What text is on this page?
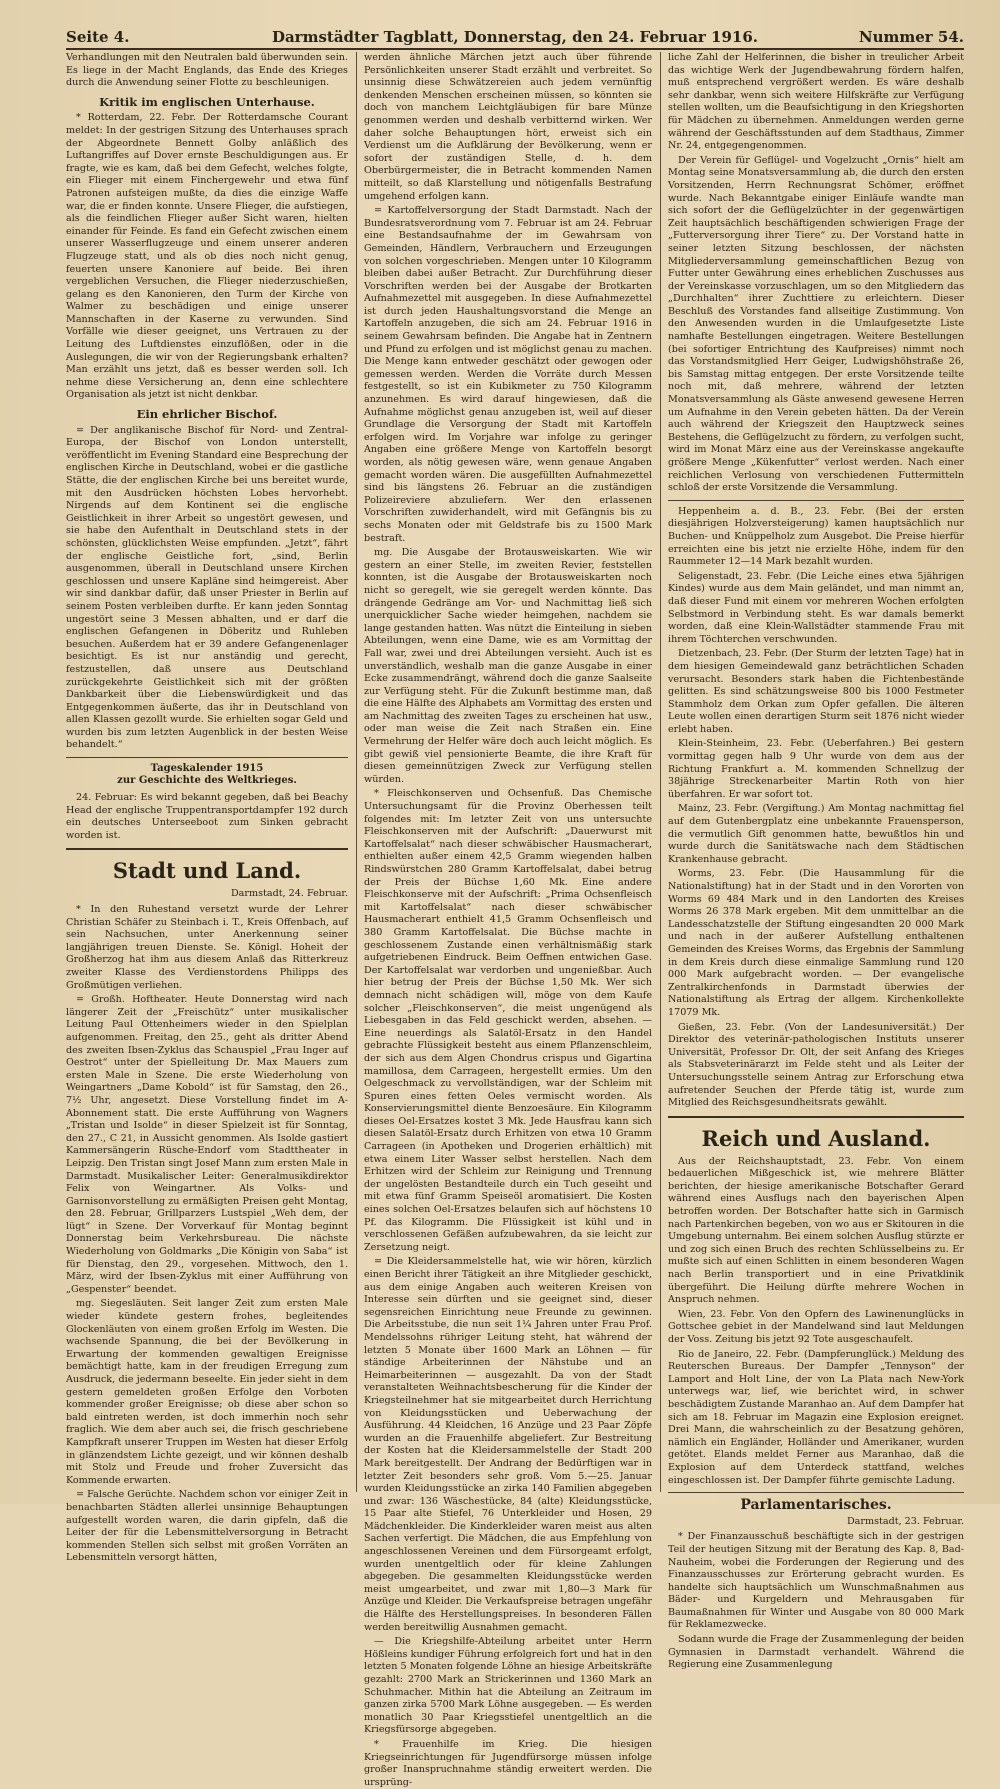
Seite 4.	Darmstädter Tagblatt, Donnerstag, den 24. Februar 1916.	Nummer 54.

Verhandlungen mit den Neutralen bald überwunden sein. Es liege in der Macht Englands, das Ende des Krieges durch die Anwendung seiner Flotte zu beschleunigen.

Kritik im englischen Unterhause.

* Rotterdam, 22. Febr. Der Rotterdamsche Courant meldet: In der gestrigen Sitzung des Unterhauses sprach der Abgeordnete Bennett Golby anläßlich des Luftangriffes auf Dover ernste Beschuldigungen aus. Er fragte, wie es kam, daß bei dem Gefecht, welches folgte, ein Flieger mit einem Finchergewehr und etwa fünf Patronen aufsteigen mußte, da dies die einzige Waffe war, die er finden konnte. Unsere Flieger, die aufstiegen, als die feindlichen Flieger außer Sicht waren, hielten einander für Feinde. Es fand ein Gefecht zwischen einem unserer Wasserflugzeuge und einem unserer anderen Flugzeuge statt, und als ob dies noch nicht genug, feuerten unsere Kanoniere auf beide. Bei ihren vergeblichen Versuchen, die Flieger niederzuschießen, gelang es den Kanonieren, den Turm der Kirche von Walmer zu beschädigen und einige unserer Mannschaften in der Kaserne zu verwunden. Sind Vorfälle wie dieser geeignet, uns Vertrauen zu der Leitung des Luftdienstes einzuflößen, oder in die Auslegungen, die wir von der Regierungsbank erhalten? Man erzählt uns jetzt, daß es besser werden soll. Ich nehme diese Versicherung an, denn eine schlechtere Organisation als jetzt ist nicht denkbar.

Ein ehrlicher Bischof.

= Der anglikanische Bischof für Nord- und Zentral-Europa, der Bischof von London unterstellt, veröffentlicht im Evening Standard eine Besprechung der englischen Kirche in Deutschland, wobei er die gastliche Stätte, die der englischen Kirche bei uns bereitet wurde, mit den Ausdrücken höchsten Lobes hervorhebt. Nirgends auf dem Kontinent sei die englische Geistlichkeit in ihrer Arbeit so ungestört gewesen, und sie habe den Aufenthalt in Deutschland stets in der schönsten, glücklichsten Weise empfunden. „Jetzt“, fährt der englische Geistliche fort, „sind, Berlin ausgenommen, überall in Deutschland unsere Kirchen geschlossen und unsere Kapläne sind heimgereist. Aber wir sind dankbar dafür, daß unser Priester in Berlin auf seinem Posten verbleiben durfte. Er kann jeden Sonntag ungestört seine 3 Messen abhalten, und er darf die englischen Gefangenen in Döberitz und Ruhleben besuchen. Außerdem hat er 39 andere Gefangenenlager besichtigt. Es ist nur anständig und gerecht, festzustellen, daß unsere aus Deutschland zurückgekehrte Geistlichkeit sich mit der größten Dankbarkeit über die Liebenswürdigkeit und das Entgegenkommen äußerte, das ihr in Deutschland von allen Klassen gezollt wurde. Sie erhielten sogar Geld und wurden bis zum letzten Augenblick in der besten Weise behandelt.“

Tageskalender 1915
zur Geschichte des Weltkrieges.

24. Februar: Es wird bekannt gegeben, daß bei Beachy Head der englische Truppentransportdampfer 192 durch ein deutsches Unterseeboot zum Sinken gebracht worden ist.

Stadt und Land.

Darmstadt, 24. Februar.

* In den Ruhestand versetzt wurde der Lehrer Christian Schäfer zu Steinbach i. T., Kreis Offenbach, auf sein Nachsuchen, unter Anerkennung seiner langjährigen treuen Dienste. Se. Königl. Hoheit der Großherzog hat ihm aus diesem Anlaß das Ritterkreuz zweiter Klasse des Verdienstordens Philipps des Großmütigen verliehen.

= Großh. Hoftheater. Heute Donnerstag wird nach längerer Zeit der „Freischütz“ unter musikalischer Leitung Paul Ottenheimers wieder in den Spielplan aufgenommen. Freitag, den 25., geht als dritter Abend des zweiten Ibsen-Zyklus das Schauspiel „Frau Inger auf Oestrot“ unter der Spielleitung Dr. Max Mauers zum ersten Male in Szene. Die erste Wiederholung von Weingartners „Dame Kobold“ ist für Samstag, den 26., 7½ Uhr, angesetzt. Diese Vorstellung findet im A-Abonnement statt. Die erste Aufführung von Wagners „Tristan und Isolde“ in dieser Spielzeit ist für Sonntag, den 27., C 21, in Aussicht genommen. Als Isolde gastiert Kammersängerin Rüsche-Endorf vom Stadttheater in Leipzig. Den Tristan singt Josef Mann zum ersten Male in Darmstadt. Musikalischer Leiter: Generalmusikdirektor Felix von Weingartner. Als Volks- und Garnisonvorstellung zu ermäßigten Preisen geht Montag, den 28. Februar, Grillparzers Lustspiel „Weh dem, der lügt“ in Szene. Der Vorverkauf für Montag beginnt Donnerstag beim Verkehrsbureau. Die nächste Wiederholung von Goldmarks „Die Königin von Saba“ ist für Dienstag, den 29., vorgesehen. Mittwoch, den 1. März, wird der Ibsen-Zyklus mit einer Aufführung von „Gespenster“ beendet.

mg. Siegesläuten. Seit langer Zeit zum ersten Male wieder kündete gestern frohes, begleitendes Glockenläuten von einem großen Erfolg im Westen. Die wachsende Spannung, die bei der Bevölkerung in Erwartung der kommenden gewaltigen Ereignisse bemächtigt hatte, kam in der freudigen Erregung zum Ausdruck, die jedermann beseelte. Ein jeder sieht in dem gestern gemeldeten großen Erfolge den Vorboten kommender großer Ereignisse; ob diese aber schon so bald eintreten werden, ist doch immerhin noch sehr fraglich. Wie dem aber auch sei, die frisch geschriebene Kampfkraft unserer Truppen im Westen hat dieser Erfolg in glänzendstem Lichte gezeigt, und wir können deshalb mit Stolz und Freude und froher Zuversicht das Kommende erwarten.

= Falsche Gerüchte. Nachdem schon vor einiger Zeit in benachbarten Städten allerlei unsinnige Behauptungen aufgestellt worden waren, die darin gipfeln, daß die Leiter der für die Lebensmittelversorgung in Betracht kommenden Stellen sich selbst mit großen Vorräten an Lebensmitteln versorgt hätten,

werden ähnliche Märchen jetzt auch über führende Persönlichkeiten unserer Stadt erzählt und verbreitet. So unsinnig diese Schwätzereien auch jedem vernünftig denkenden Menschen erscheinen müssen, so könnten sie doch von manchem Leichtgläubigen für bare Münze genommen werden und deshalb verbitternd wirken. Wer daher solche Behauptungen hört, erweist sich ein Verdienst um die Aufklärung der Bevölkerung, wenn er sofort der zuständigen Stelle, d. h. dem Oberbürgermeister, die in Betracht kommenden Namen mitteilt, so daß Klarstellung und nötigenfalls Bestrafung umgehend erfolgen kann.

= Kartoffelversorgung der Stadt Darmstadt. Nach der Bundesratsverordnung vom 7. Februar ist am 24. Februar eine Bestandsaufnahme der im Gewahrsam von Gemeinden, Händlern, Verbrauchern und Erzeugungen von solchen vorgeschrieben. Mengen unter 10 Kilogramm bleiben dabei außer Betracht. Zur Durchführung dieser Vorschriften werden bei der Ausgabe der Brotkarten Aufnahmezettel mit ausgegeben. In diese Aufnahmezettel ist durch jeden Haushaltungsvorstand die Menge an Kartoffeln anzugeben, die sich am 24. Februar 1916 in seinem Gewahrsam befinden. Die Angabe hat in Zentnern und Pfund zu erfolgen und ist möglichst genau zu machen. Die Menge kann entweder geschätzt oder gewogen oder gemessen werden. Werden die Vorräte durch Messen festgestellt, so ist ein Kubikmeter zu 750 Kilogramm anzunehmen. Es wird darauf hingewiesen, daß die Aufnahme möglichst genau anzugeben ist, weil auf dieser Grundlage die Versorgung der Stadt mit Kartoffeln erfolgen wird. Im Vorjahre war infolge zu geringer Angaben eine größere Menge von Kartoffeln besorgt worden, als nötig gewesen wäre, wenn genaue Angaben gemacht worden wären. Die ausgefüllten Aufnahmezettel sind bis längstens 26. Februar an die zuständigen Polizeireviere abzuliefern. Wer den erlassenen Vorschriften zuwiderhandelt, wird mit Gefängnis bis zu sechs Monaten oder mit Geldstrafe bis zu 1500 Mark bestraft.

mg. Die Ausgabe der Brotausweiskarten. Wie wir gestern an einer Stelle, im zweiten Revier, feststellen konnten, ist die Ausgabe der Brotausweiskarten noch nicht so geregelt, wie sie geregelt werden könnte. Das drängende Gedränge am Vor- und Nachmittag ließ sich unerquicklicher Sache wieder heimgehen, nachdem sie lange gestanden hatten. Was nützt die Einteilung in sieben Abteilungen, wenn eine Dame, wie es am Vormittag der Fall war, zwei und drei Abteilungen versieht. Auch ist es unverständlich, weshalb man die ganze Ausgabe in einer Ecke zusammendrängt, während doch die ganze Saalseite zur Verfügung steht. Für die Zukunft bestimme man, daß die eine Hälfte des Alphabets am Vormittag des ersten und am Nachmittag des zweiten Tages zu erscheinen hat usw., oder man weise die Zeit nach Straßen ein. Eine Vermehrung der Helfer wäre doch auch leicht möglich. Es gibt gewiß viel pensionierte Beamte, die ihre Kraft für diesen gemeinnützigen Zweck zur Verfügung stellen würden.

* Fleischkonserven und Ochsenfuß. Das Chemische Untersuchungsamt für die Provinz Oberhessen teilt folgendes mit: Im letzter Zeit von uns untersuchte Fleischkonserven mit der Aufschrift: „Dauerwurst mit Kartoffelsalat“ nach dieser schwäbischer Hausmacherart, enthielten außer einem 42,5 Gramm wiegenden halben Rindswürstchen 280 Gramm Kartoffelsalat, dabei betrug der Preis der Büchse 1,60 Mk. Eine andere Fleischkonserve mit der Aufschrift: „Prima Ochsenfleisch mit Kartoffelsalat“ nach dieser schwäbischer Hausmacherart enthielt 41,5 Gramm Ochsenfleisch und 380 Gramm Kartoffelsalat. Die Büchse machte in geschlossenem Zustande einen verhältnismäßig stark aufgetriebenen Eindruck. Beim Oeffnen entwichen Gase. Der Kartoffelsalat war verdorben und ungenießbar. Auch hier betrug der Preis der Büchse 1,50 Mk. Wer sich demnach nicht schädigen will, möge von dem Kaufe solcher „Fleischkonserven“, die meist ungenügend als Liebesgaben in das Feld geschickt werden, absehen. — Eine neuerdings als Salatöl-Ersatz in den Handel gebrachte Flüssigkeit besteht aus einem Pflanzenschleim, der sich aus dem Algen Chondrus crispus und Gigartina mamillosa, dem Carrageen, hergestellt ermies. Um den Oelgeschmack zu vervollständigen, war der Schleim mit Spuren eines fetten Oeles vermischt worden. Als Konservierungsmittel diente Benzoesäure. Ein Kilogramm dieses Oel-Ersatzes kostet 3 Mk. Jede Hausfrau kann sich diesen Salatöl-Ersatz durch Erhitzen von etwa 10 Gramm Carrageen (in Apotheken und Drogerien erhältlich) mit etwa einem Liter Wasser selbst herstellen. Nach dem Erhitzen wird der Schleim zur Reinigung und Trennung der ungelösten Bestandteile durch ein Tuch geseiht und mit etwa fünf Gramm Speiseöl aromatisiert. Die Kosten eines solchen Oel-Ersatzes belaufen sich auf höchstens 10 Pf. das Kilogramm. Die Flüssigkeit ist kühl und in verschlossenen Gefäßen aufzubewahren, da sie leicht zur Zersetzung neigt.

= Die Kleidersammelstelle hat, wie wir hören, kürzlich einen Bericht ihrer Tätigkeit an ihre Mitglieder geschickt, aus dem einige Angaben auch weiteren Kreisen von Interesse sein dürften und sie geeignet sind, dieser segensreichen Einrichtung neue Freunde zu gewinnen. Die Arbeitsstube, die nun seit 1¼ Jahren unter Frau Prof. Mendelssohns rühriger Leitung steht, hat während der letzten 5 Monate über 1600 Mark an Löhnen — für ständige Arbeiterinnen der Nähstube und an Heimarbeiterinnen — ausgezahlt. Da von der Stadt veranstalteten Weihnachtsbescherung für die Kinder der Kriegsteilnehmer hat sie mitgearbeitet durch Herrichtung von Kleidungsstücken und Ueberwachung der Ausführung. 44 Kleidchen, 16 Anzüge und 23 Paar Zöpfe wurden an die Frauenhilfe abgeliefert. Zur Bestreitung der Kosten hat die Kleidersammelstelle der Stadt 200 Mark bereitgestellt. Der Andrang der Bedürftigen war in letzter Zeit besonders sehr groß. Vom 5.—25. Januar wurden Kleidungsstücke an zirka 140 Familien abgegeben und zwar: 136 Wäschestücke, 84 (alte) Kleidungsstücke, 15 Paar alte Stiefel, 76 Unterkleider und Hosen, 29 Mädchenkleider. Die Kinderkleider waren meist aus alten Sachen verfertigt. Die Mädchen, die aus Empfehlung von angeschlossenen Vereinen und dem Fürsorgeamt erfolgt, wurden unentgeltlich oder für kleine Zahlungen abgegeben. Die gesammelten Kleidungsstücke werden meist umgearbeitet, und zwar mit 1,80—3 Mark für Anzüge und Kleider. Die Verkaufspreise betragen ungefähr die Hälfte des Herstellungspreises. In besonderen Fällen werden bereitwillig Ausnahmen gemacht.

— Die Kriegshilfe-Abteilung arbeitet unter Herrn Hößleins kundiger Führung erfolgreich fort und hat in den letzten 5 Monaten folgende Löhne an hiesige Arbeitskräfte gezahlt: 2700 Mark an Strickerinnen und 1360 Mark an Schuhmacher. Mithin hat die Abteilung an Zeitraum im ganzen zirka 5700 Mark Löhne ausgegeben. — Es werden monatlich 30 Paar Kriegsstiefel unentgeltlich an die Kriegsfürsorge abgegeben.

* Frauenhilfe im Krieg. Die hiesigen Kriegseinrichtungen für Jugendfürsorge müssen infolge großer Inanspruchnahme ständig erweitert werden. Die ursprüng-

liche Zahl der Helferinnen, die bisher in treulicher Arbeit das wichtige Werk der Jugendbewahrung fördern halfen, muß entsprechend vergrößert werden. Es wäre deshalb sehr dankbar, wenn sich weitere Hilfskräfte zur Verfügung stellen wollten, um die Beaufsichtigung in den Kriegshorten für Mädchen zu übernehmen. Anmeldungen werden gerne während der Geschäftsstunden auf dem Stadthaus, Zimmer Nr. 24, entgegengenommen.

Der Verein für Geflügel- und Vogelzucht „Ornis“ hielt am Montag seine Monatsversammlung ab, die durch den ersten Vorsitzenden, Herrn Rechnungsrat Schömer, eröffnet wurde. Nach Bekanntgabe einiger Einläufe wandte man sich sofort der die Geflügelzüchter in der gegenwärtigen Zeit hauptsächlich beschäftigenden schwierigen Frage der „Futterversorgung ihrer Tiere“ zu. Der Vorstand hatte in seiner letzten Sitzung beschlossen, der nächsten Mitgliederversammlung gemeinschaftlichen Bezug von Futter unter Gewährung eines erheblichen Zuschusses aus der Vereinskasse vorzuschlagen, um so den Mitgliedern das „Durchhalten“ ihrer Zuchttiere zu erleichtern. Dieser Beschluß des Vorstandes fand allseitige Zustimmung. Von den Anwesenden wurden in die Umlaufgesetzte Liste namhafte Bestellungen eingetragen. Weitere Bestellungen (bei sofortiger Entrichtung des Kaufpreises) nimmt noch das Vorstandsmitglied Herr Geiger, Ludwigshöhstraße 26, bis Samstag mittag entgegen. Der erste Vorsitzende teilte noch mit, daß mehrere, während der letzten Monatsversammlung als Gäste anwesend gewesene Herren um Aufnahme in den Verein gebeten hätten. Da der Verein auch während der Kriegszeit den Hauptzweck seines Bestehens, die Geflügelzucht zu fördern, zu verfolgen sucht, wird im Monat März eine aus der Vereinskasse angekaufte größere Menge „Kükenfutter“ verlost werden. Nach einer reichlichen Verlosung von verschiedenen Futtermitteln schloß der erste Vorsitzende die Versammlung.

Heppenheim a. d. B., 23. Febr. (Bei der ersten diesjährigen Holzversteigerung) kamen hauptsächlich nur Buchen- und Knüppelholz zum Ausgebot. Die Preise hierfür erreichten eine bis jetzt nie erzielte Höhe, indem für den Raummeter 12—14 Mark bezahlt wurden.

Seligenstadt, 23. Febr. (Die Leiche eines etwa 5jährigen Kindes) wurde aus dem Main geländet, und man nimmt an, daß dieser Fund mit einem vor mehreren Wochen erfolgten Selbstmord in Verbindung steht. Es war damals bemerkt worden, daß eine Klein-Wallstädter stammende Frau mit ihrem Töchterchen verschwunden.

Dietzenbach, 23. Febr. (Der Sturm der letzten Tage) hat in dem hiesigen Gemeindewald ganz beträchtlichen Schaden verursacht. Besonders stark haben die Fichtenbestände gelitten. Es sind schätzungsweise 800 bis 1000 Festmeter Stammholz dem Orkan zum Opfer gefallen. Die älteren Leute wollen einen derartigen Sturm seit 1876 nicht wieder erlebt haben.

Klein-Steinheim, 23. Febr. (Ueberfahren.) Bei gestern vormittag gegen halb 9 Uhr wurde von dem aus der Richtung Frankfurt a. M. kommenden Schnellzug der 38jährige Streckenarbeiter Martin Roth von hier überfahren. Er war sofort tot.

Mainz, 23. Febr. (Vergiftung.) Am Montag nachmittag fiel auf dem Gutenbergplatz eine unbekannte Frauensperson, die vermutlich Gift genommen hatte, bewußtlos hin und wurde durch die Sanitätswache nach dem Städtischen Krankenhause gebracht.

Worms, 23. Febr. (Die Hausammlung für die Nationalstiftung) hat in der Stadt und in den Vororten von Worms 69 484 Mark und in den Landorten des Kreises Worms 26 378 Mark ergeben. Mit dem unmittelbar an die Landesschatzstelle der Stiftung eingesandten 20 000 Mark und nach in der außerer Aufstellung enthaltenen Gemeinden des Kreises Worms, das Ergebnis der Sammlung in dem Kreis durch diese einmalige Sammlung rund 120 000 Mark aufgebracht worden. — Der evangelische Zentralkirchenfonds in Darmstadt überwies der Nationalstiftung als Ertrag der allgem. Kirchenkollekte 17079 Mk.

Gießen, 23. Febr. (Von der Landesuniversität.) Der Direktor des veterinär-pathologischen Instituts unserer Universität, Professor Dr. Olt, der seit Anfang des Krieges als Stabsveterinärarzt im Felde steht und als Leiter der Untersuchungsstelle seinem Antrag zur Erforschung etwa aufretender Seuchen der Pferde tätig ist, wurde zum Mitglied des Reichsgesundheitsrats gewählt.

Reich und Ausland.

Aus der Reichshauptstadt, 23. Febr. Von einem bedauerlichen Mißgeschick ist, wie mehrere Blätter berichten, der hiesige amerikanische Botschafter Gerard während eines Ausflugs nach den bayerischen Alpen betroffen worden. Der Botschafter hatte sich in Garmisch nach Partenkirchen begeben, von wo aus er Skitouren in die Umgebung unternahm. Bei einem solchen Ausflug stürzte er und zog sich einen Bruch des rechten Schlüsselbeins zu. Er mußte sich auf einen Schlitten in einem besonderen Wagen nach Berlin transportiert und in eine Privatklinik übergeführt. Die Heilung dürfte mehrere Wochen in Anspruch nehmen.

Wien, 23. Febr. Von den Opfern des Lawinenunglücks in Gottschee gebiet in der Mandelwand sind laut Meldungen der Voss. Zeitung bis jetzt 92 Tote ausgeschaufelt.

Rio de Janeiro, 22. Febr. (Dampferunglück.) Meldung des Reuterschen Bureaus. Der Dampfer „Tennyson“ der Lamport and Holt Line, der von La Plata nach New-York unterwegs war, lief, wie berichtet wird, in schwer beschädigtem Zustande Maranhao an. Auf dem Dampfer hat sich am 18. Februar im Magazin eine Explosion ereignet. Drei Mann, die wahrscheinlich zu der Besatzung gehören, nämlich ein Engländer, Holländer und Amerikaner, wurden getötet. Elands meldet Ferner aus Maranhao, daß die Explosion auf dem Unterdeck stattfand, welches eingeschlossen ist. Der Dampfer führte gemischte Ladung.

Parlamentarisches.

Darmstadt, 23. Februar.

* Der Finanzausschuß beschäftigte sich in der gestrigen Teil der heutigen Sitzung mit der Beratung des Kap. 8, Bad-Nauheim, wobei die Forderungen der Regierung und des Finanzausschusses zur Erörterung gebracht wurden. Es handelte sich hauptsächlich um Wunschmaßnahmen aus Bäder- und Kurgeldern und Mehrausgaben für Baumaßnahmen für Winter und Ausgabe von 80 000 Mark für Reklamezwecke.

Sodann wurde die Frage der Zusammenlegung der beiden Gymnasien in Darmstadt verhandelt. Während die Regierung eine Zusammenlegung
